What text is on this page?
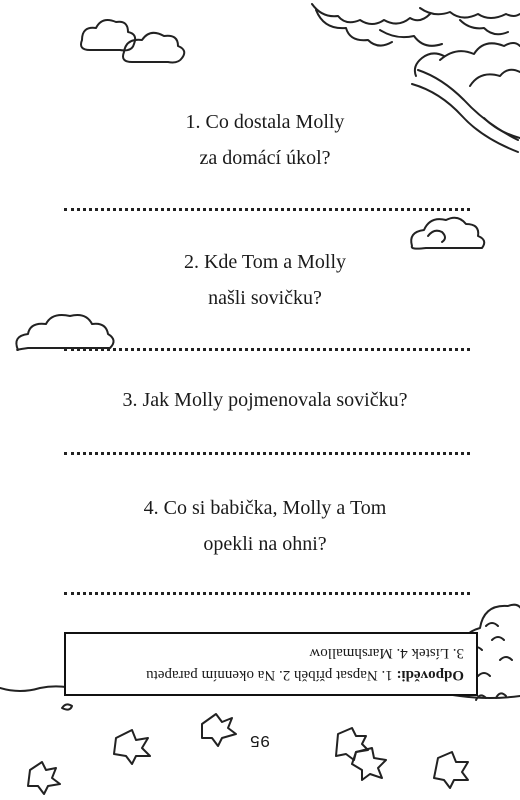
1. Co dostala Molly
za domácí úkol?
2. Kde Tom a Molly
našli sovičku?
3. Jak Molly pojmenovala sovičku?
4. Co si babička, Molly a Tom
opekli na ohni?
Odpovědi: 1. Napsat příběh 2. Na okenním parapetu
3. Lístek 4. Marshmallow
95
